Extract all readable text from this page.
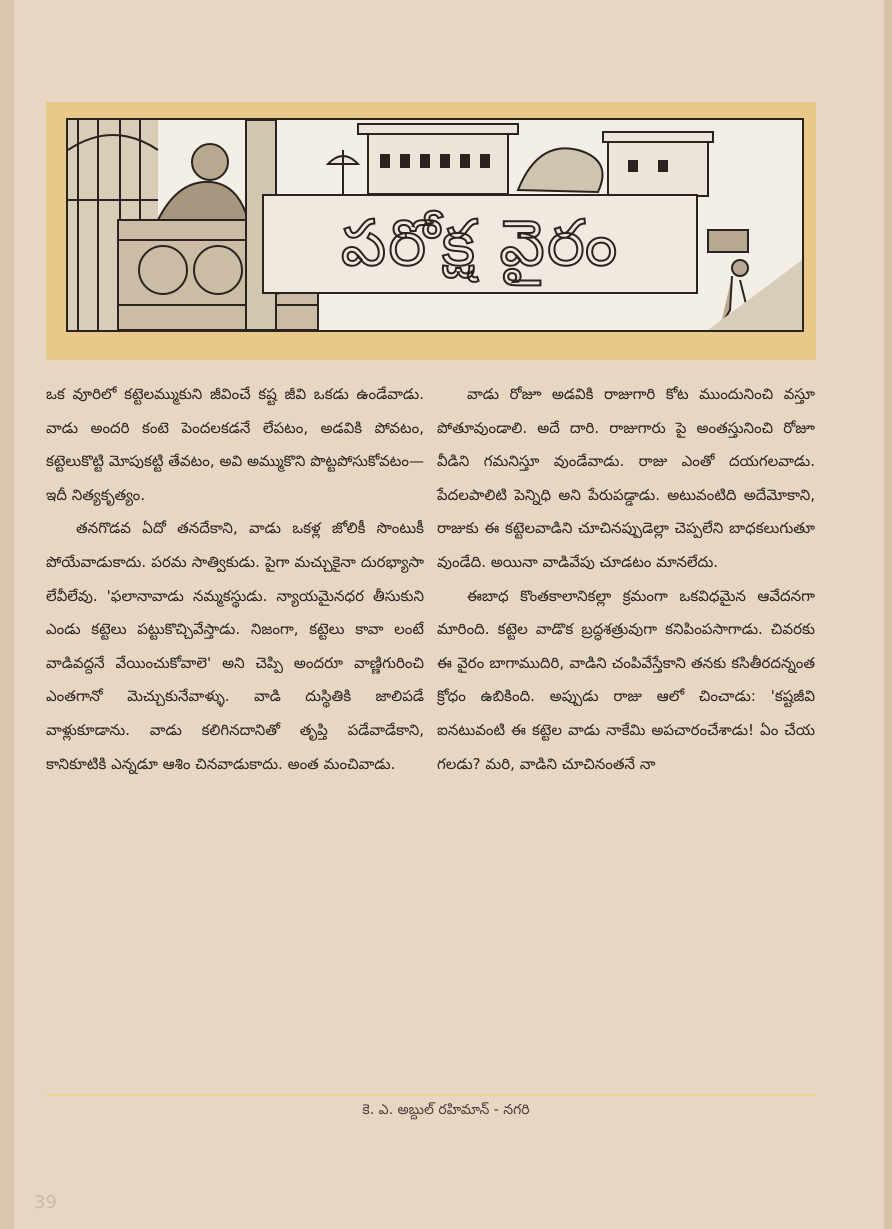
పరోక్ష వైరం

ఒక వూరిలో కట్టెలమ్ముకుని జీవించే కష్ట జీవి ఒకడు ఉండేవాడు. వాడు అందరి కంటె పెందలకడనే లేపటం, అడవికి పోవటం, కట్టెలుకొట్టి మోపుకట్టి తేవటం, అవి అమ్ముకొని పొట్టపోసుకోవటం—ఇదీ నిత్యకృత్యం.

తనగొడవ ఏదో తనదేకాని, వాడు ఒకళ్ల జోలికీ సొంటుకీ పోయేవాడుకాదు. పరమ సాత్వికుడు. పైగా మచ్చుకైనా దురభ్యాసా లేవీలేవు. 'ఫలానావాడు నమ్మకస్థుడు. న్యాయమైనధర తీసుకుని ఎండు కట్టెలు పట్టుకొచ్చివేస్తాడు. నిజంగా, కట్టెలు కావా లంటే వాడివద్దనే వేయించుకోవాలె' అని చెప్పి అందరూ వాణ్ణిగురించి ఎంతగానో మెచ్చుకునేవాళ్ళు. వాడి దుస్థితికి జాలిపడే వాళ్లుకూడాను. వాడు కలిగినదానితో తృప్తి పడేవాడేకాని, కానికూటికి ఎన్నడూ ఆశిం చినవాడుకాదు. అంత మంచివాడు.

వాడు రోజూ అడవికి రాజుగారి కోట ముందునించి వస్తూ పోతూవుండాలి. అదే దారి. రాజుగారు పై అంతస్తునించి రోజూ వీడిని గమనిస్తూ వుండేవాడు. రాజు ఎంతో దయగలవాడు. పేదలపాలిటి పెన్నిధి అని పేరుపడ్డాడు. అటువంటిది అదేమోకాని, రాజుకు ఈ కట్టెలవాడిని చూచినప్పుడెల్లా చెప్పలేని బాధకలుగుతూ వుండేది. అయినా వాడివేపు చూడటం మానలేదు.

ఈబాధ కొంతకాలానికల్లా క్రమంగా ఒకవిధమైన ఆవేదనగా మారింది. కట్టెల వాడొక బ్రద్ధశత్రువుగా కనిపింపసాగాడు. చివరకు ఈ వైరం బాగాముదిరి, వాడిని చంపివేస్తేకాని తనకు కసితీరదన్నంత క్రోధం ఉబికింది. అప్పుడు రాజు ఆలో చించాడు: 'కష్టజీవి ఐనటువంటి ఈ కట్టెల వాడు నాకేమి అపచారంచేశాడు! ఏం చేయ గలడు? మరి, వాడిని చూచినంతనే నా

కె. ఎ. అబ్దుల్ రహిమాన్ - నగరి
39
